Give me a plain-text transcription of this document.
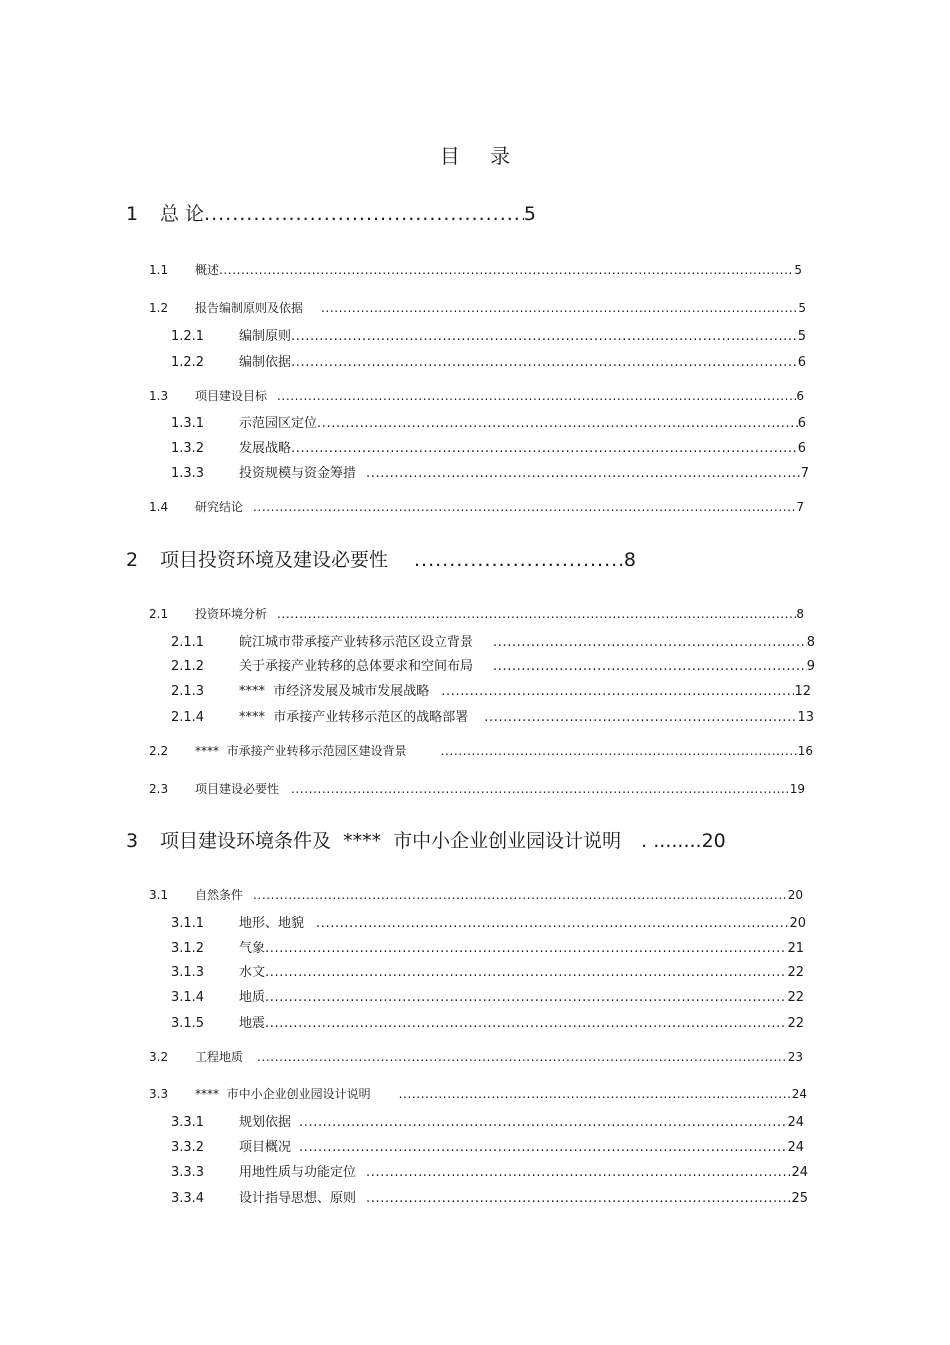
目 录
1	总 论 .....	5
1.1	概述 .....	5
1.2	报告编制原则及依据 .....	5
1.2.1	编制原则 .....	5
1.2.2	编制依据 .....	6
1.3	项目建设目标 .....	6
1.3.1	示范园区定位 .....	6
1.3.2	发展战略 .....	6
1.3.3	投资规模与资金筹措 .....	7
1.4	研究结论 .....	7
2	项目投资环境及建设必要性 .....	8
2.1	投资环境分析 .....	8
2.1.1	皖江城市带承接产业转移示范区设立背景 .....	8
2.1.2	关于承接产业转移的总体要求和空间布局 .....	9
2.1.3	****  市经济发展及城市发展战略 .....	12
2.1.4	****  市承接产业转移示范区的战略部署 .....	13
2.2	****  市承接产业转移示范园区建设背景 .....	16
2.3	项目建设必要性 .....	19
3	项目建设环境条件及  ****  市中小企业创业园设计说明 . ........20
3.1	自然条件 .....	20
3.1.1	地形、地貌 .....	20
3.1.2	气象 .....	21
3.1.3	水文 .....	22
3.1.4	地质 .....	22
3.1.5	地震 .....	22
3.2	工程地质 .....	23
3.3	****  市中小企业创业园设计说明 .....	24
3.3.1	规划依据 .....	24
3.3.2	项目概况 .....	24
3.3.3	用地性质与功能定位 .....	24
3.3.4	设计指导思想、原则 .....	25
